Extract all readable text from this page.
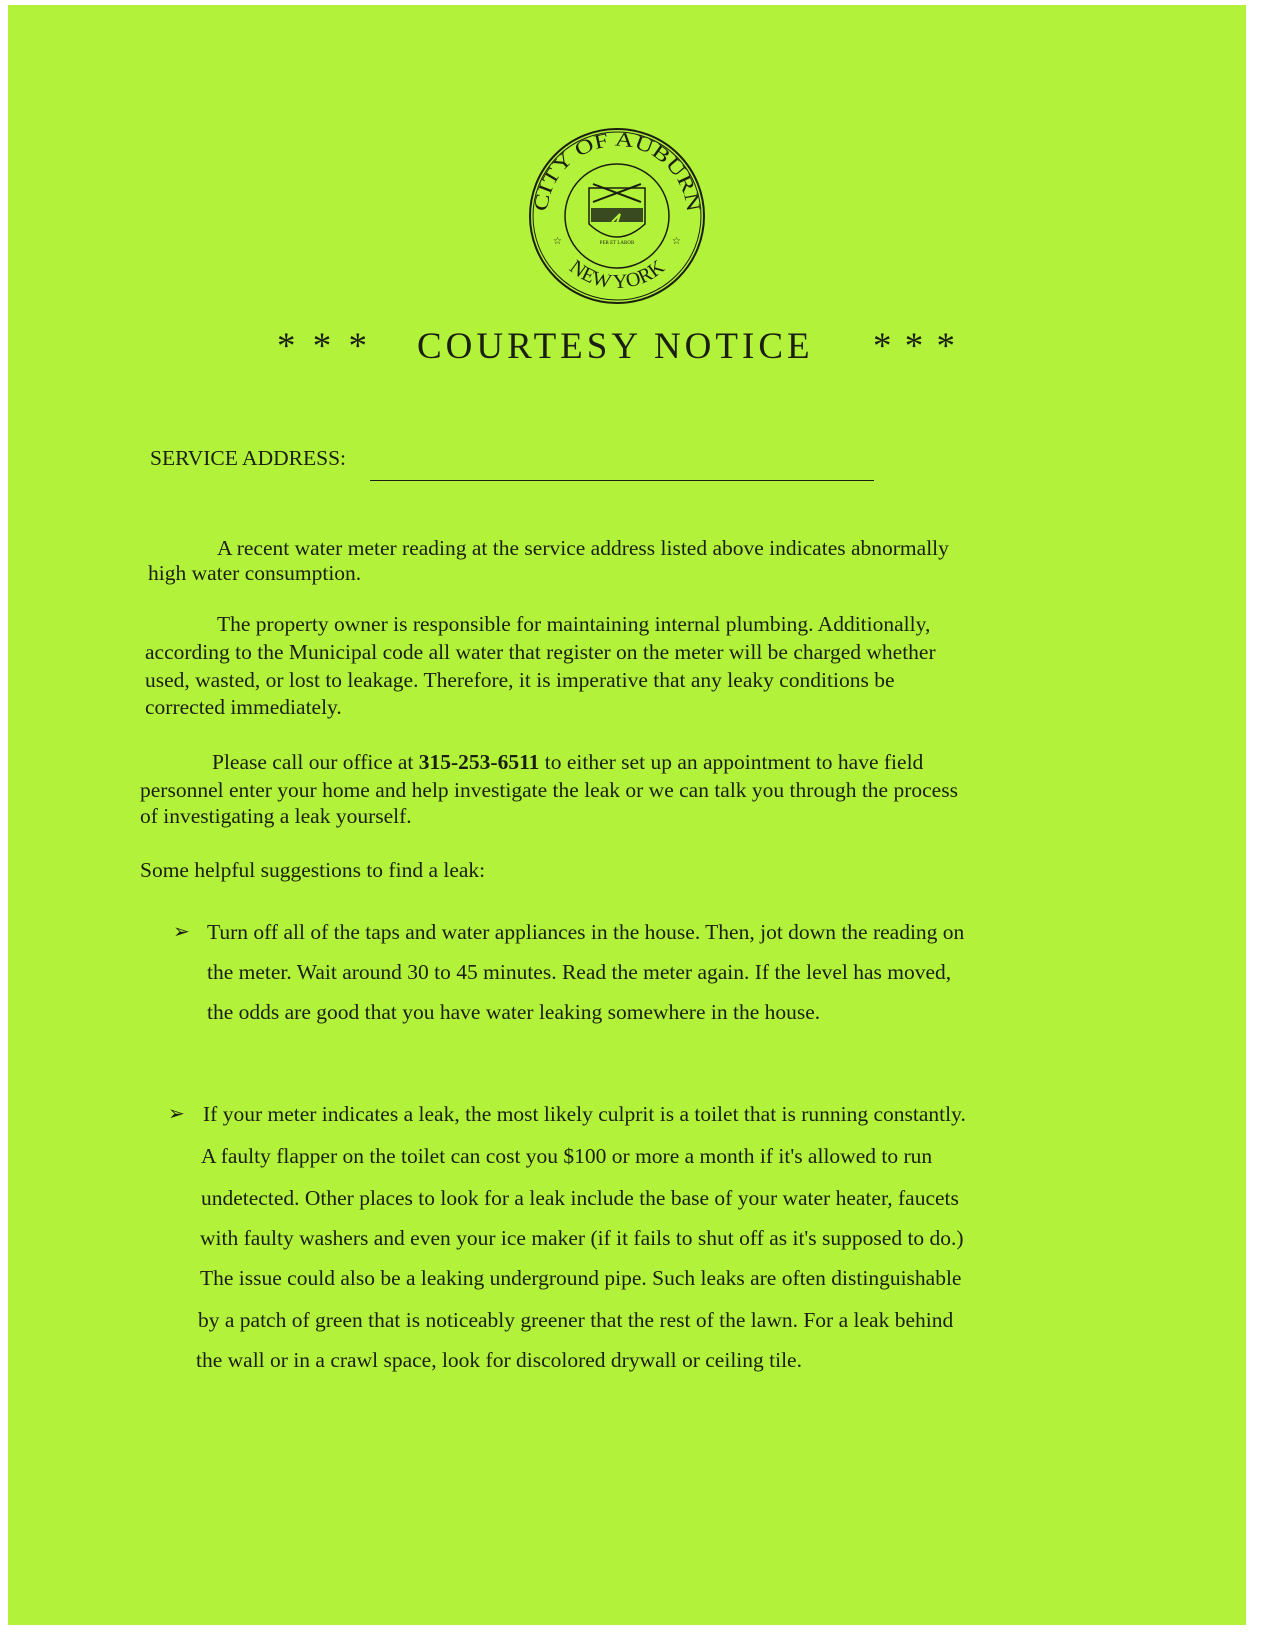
CITY OF AUBURN
NEW YORK
☆	☆
PER ET LABOR
* * * COURTESY NOTICE * * *
SERVICE ADDRESS:
A recent water meter reading at the service address listed above indicates abnormally
high water consumption.
The property owner is responsible for maintaining internal plumbing. Additionally,
according to the Municipal code all water that register on the meter will be charged whether
used, wasted, or lost to leakage. Therefore, it is imperative that any leaky conditions be
corrected immediately.
Please call our office at 315-253-6511 to either set up an appointment to have field
personnel enter your home and help investigate the leak or we can talk you through the process
of investigating a leak yourself.
Some helpful suggestions to find a leak:
➢ Turn off all of the taps and water appliances in the house. Then, jot down the reading on
the meter. Wait around 30 to 45 minutes. Read the meter again. If the level has moved,
the odds are good that you have water leaking somewhere in the house.
➢ If your meter indicates a leak, the most likely culprit is a toilet that is running constantly.
A faulty flapper on the toilet can cost you $100 or more a month if it's allowed to run
undetected. Other places to look for a leak include the base of your water heater, faucets
with faulty washers and even your ice maker (if it fails to shut off as it's supposed to do.)
The issue could also be a leaking underground pipe. Such leaks are often distinguishable
by a patch of green that is noticeably greener that the rest of the lawn. For a leak behind
the wall or in a crawl space, look for discolored drywall or ceiling tile.
